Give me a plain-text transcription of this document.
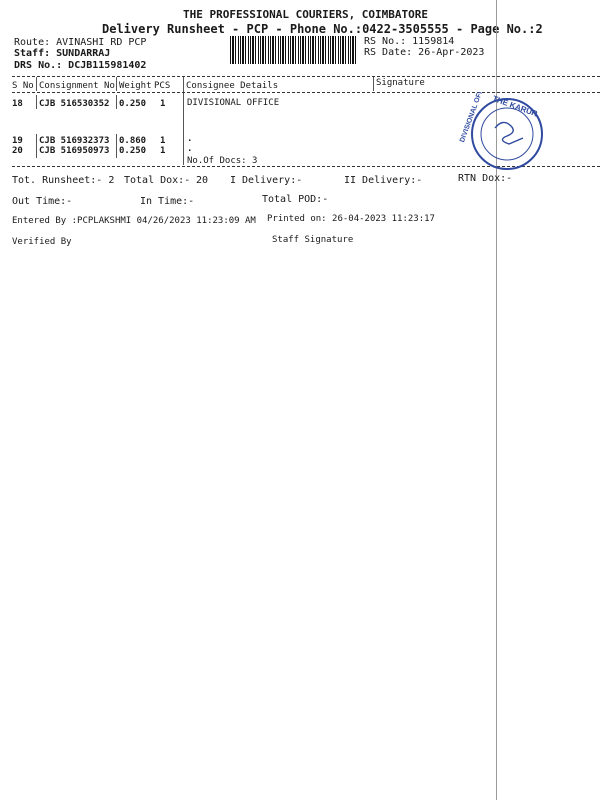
THE PROFESSIONAL COURIERS, COIMBATORE
Delivery Runsheet - PCP - Phone No.:0422-3505555 - Page No.:2
Route: AVINASHI RD PCP
Staff: SUNDARRAJ
DRS No.: DCJB115981402
RS No.: 1159814
RS Date: 26-Apr-2023
S No Consignment No Weight PCS Consignee Details	Signature
18 CJB 516530352 0.250 1 DIVISIONAL OFFICE
19 CJB 516932373 0.860 1 .
20 CJB 516950973 0.250 1 .
No.Of Docs: 3
THE KARUR
DIVISIONAL OFF
Tot. Runsheet:- 2 Total Dox:- 20 I Delivery:-	II Delivery:-	RTN Dox:-
Out Time:-	In Time:-	Total POD:-
Entered By :PCPLAKSHMI 04/26/2023 11:23:09 AM Printed on: 26-04-2023 11:23:17
Verified By	Staff Signature
